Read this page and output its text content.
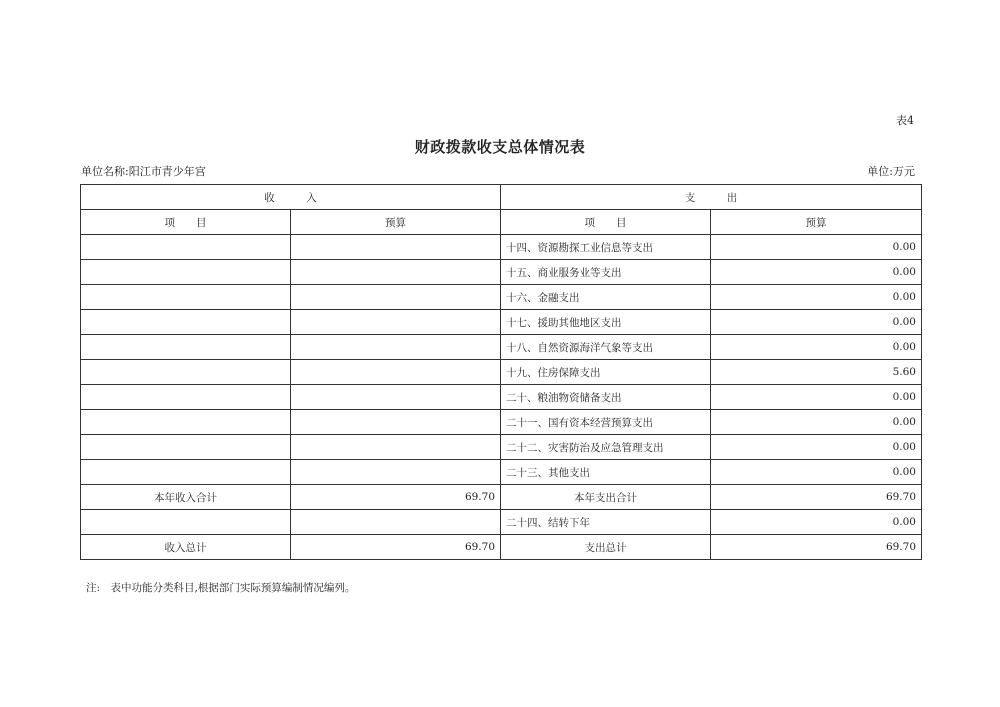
表4
财政拨款收支总体情况表
单位名称:阳江市青少年宫	单位:万元
收　　　入		支　　　出	
项　　目	预算	项　　目	预算
		十四、资源勘探工业信息等支出	0.00
		十五、商业服务业等支出	0.00
		十六、金融支出	0.00
		十七、援助其他地区支出	0.00
		十八、自然资源海洋气象等支出	0.00
		十九、住房保障支出	5.60
		二十、粮油物资储备支出	0.00
		二十一、国有资本经营预算支出	0.00
		二十二、灾害防治及应急管理支出	0.00
		二十三、其他支出	0.00
本年收入合计	69.70	本年支出合计	69.70
		二十四、结转下年	0.00
收入总计	69.70	支出总计	69.70
注:　表中功能分类科目,根据部门实际预算编制情况编列。
